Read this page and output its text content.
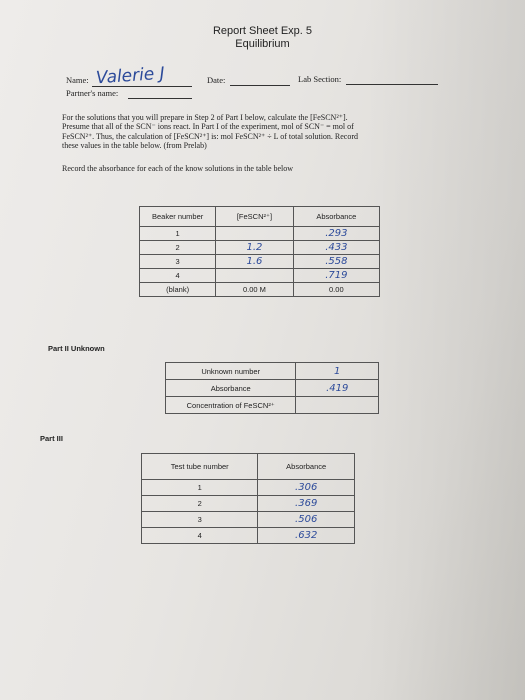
Report Sheet Exp. 5
Equilibrium
Name: Valerie J	Date:	Lab Section:
Partner's name:
For the solutions that you will prepare in Step 2 of Part I below, calculate the [FeSCN²⁺].
Presume that all of the SCN⁻ ions react. In Part I of the experiment, mol of SCN⁻ = mol of
FeSCN²⁺. Thus, the calculation of [FeSCN²⁺] is: mol FeSCN²⁺ ÷ L of total solution. Record
these values in the table below. (from Prelab)
Record the absorbance for each of the know solutions in the table below
Beaker number	[FeSCN²⁺]	Absorbance
1		.293
2	1.2	.433
3	1.6	.558
4		.719
(blank)	0.00 M	0.00
Part II Unknown
Unknown number	1
Absorbance	.419
Concentration of FeSCN²⁺	
Part III
Test tube number	Absorbance
1	.306
2	.369
3	.506
4	.632
